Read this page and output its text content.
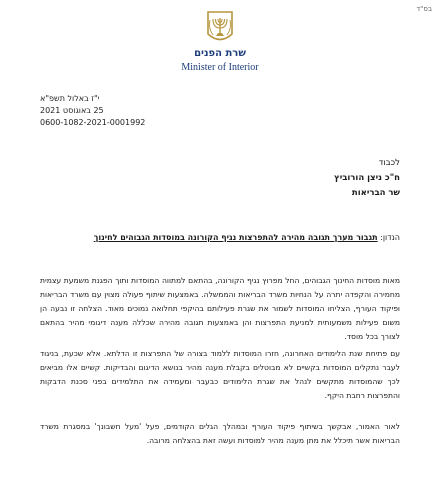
בס"ד
שרת הפנים
Minister of Interior
י"ז באלול תשפ"א
25 באוגוסט 2021
0600-1082-2021-0001992
לכבוד
ח"כ ניצן הורוביץ
שר הבריאות
הנדון: תגבור מערך תגובה מהירה להתפרצות נגיף הקורונה במוסדות הגבוהים לחינוך

מאות מוסדות החינוך הגבוהים, החל מפרוץ נגיף הקורונה, בהתאם למתווה המוסדות ותוך הפגנת משמעת עצמית מחמירה והקפדה יתרה על הנחיות משרד הבריאות והממשלה. באמצעות שיתוף פעולה מצוין עם משרד הבריאות ופיקוד העורף, הצליחו המוסדות לשמור את שגרת פעילותם בהיקפי תחלואה נמוכים מאוד. הצלחה זו נבעה הן משום פעילות משמעותית למניעת התפרצות והן באמצעות תגובה מהירה שכללה מענה דיגומי מהיר בהתאם לצורך בכל מוסד.

עם פתיחת שנת הלימודים האחרונה, חזרו המוסדות ללמוד בצורה של התפרצות זו הדלתא. אלא שכעת, בניגוד לעבר נתקלים המוסדות בקשיים לא מבוטלים בקבלת מענה מהיר בנושא הדיגום והבדיקות. קשיים אלו מביאים לכך שהמוסדות מתקשים לנהל את שגרת הלימודים כבעבר ומעמידה את התלמידים בפני סכנת הדבקות והתפרצות רחבת היקף.

לאור האמור, אבקשך בשיתוף פיקוד העורף ובמהלך הגלים הקודמים, פעל 'מעל חשבונך' במסגרת משרד הבריאות אשר תיכלל את מתן מענה מהיר למוסדות ועשה זאת בהצלחה מרובה.
